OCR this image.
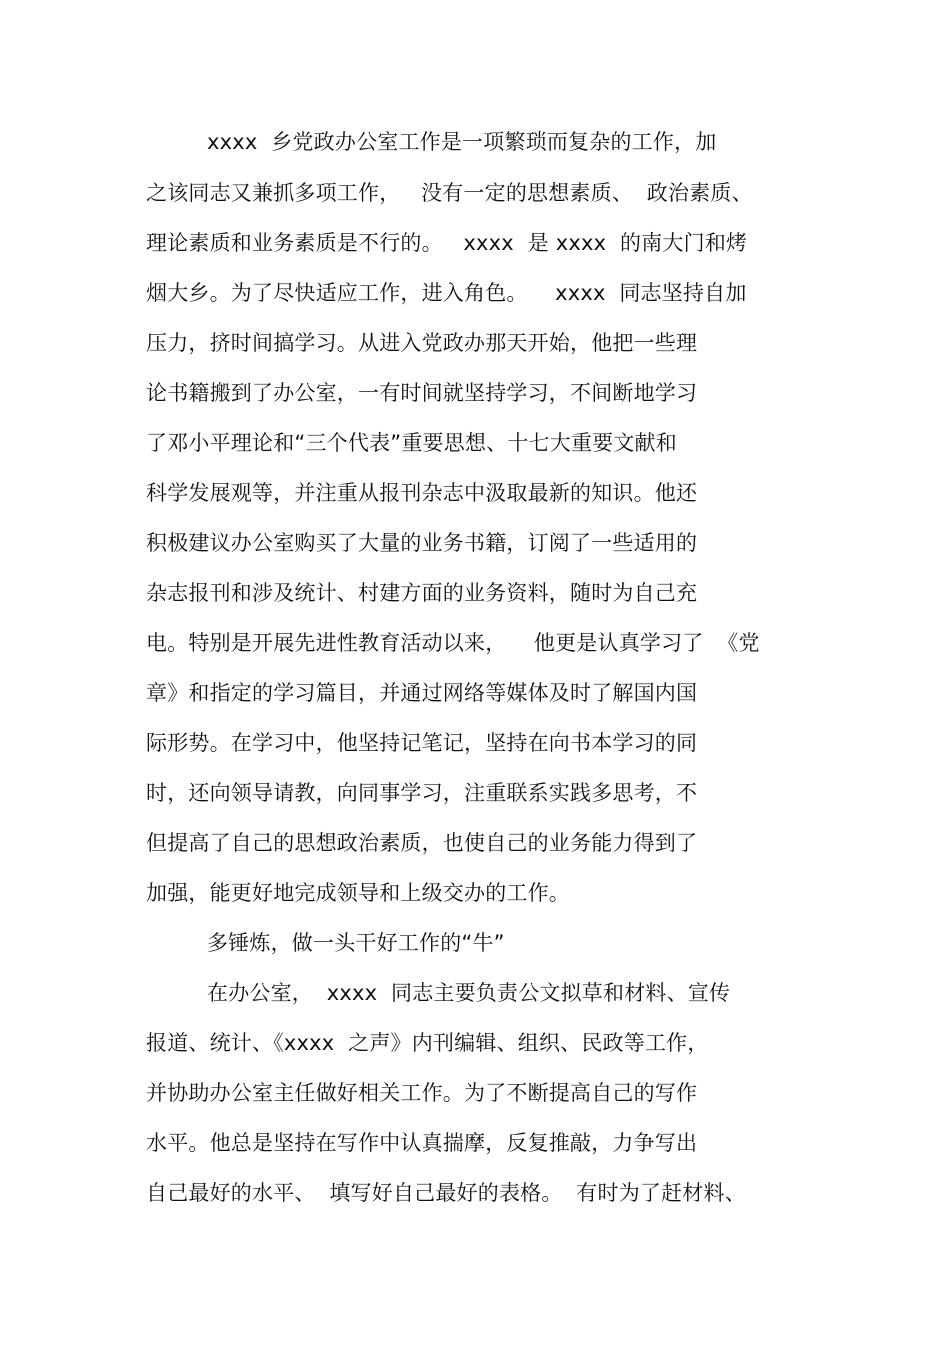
xxxx  乡党政办公室工作是一项繁琐而复杂的工作，加
之该同志又兼抓多项工作，   没有一定的思想素质、  政治素质、
理论素质和业务素质是不行的。   xxxx  是 xxxx  的南大门和烤
烟大乡。为了尽快适应工作，进入角色。    xxxx  同志坚持自加
压力，挤时间搞学习。从进入党政办那天开始，他把一些理
论书籍搬到了办公室，一有时间就坚持学习，不间断地学习
了邓小平理论和“三个代表”重要思想、十七大重要文献和
科学发展观等，并注重从报刊杂志中汲取最新的知识。他还
积极建议办公室购买了大量的业务书籍，订阅了一些适用的
杂志报刊和涉及统计、村建方面的业务资料，随时为自己充
电。特别是开展先进性教育活动以来，    他更是认真学习了  《党
章》和指定的学习篇目，并通过网络等媒体及时了解国内国
际形势。在学习中，他坚持记笔记，坚持在向书本学习的同
时，还向领导请教，向同事学习，注重联系实践多思考，不
但提高了自己的思想政治素质，也使自己的业务能力得到了
加强，能更好地完成领导和上级交办的工作。
多锤炼，做一头干好工作的“牛”
在办公室，  xxxx  同志主要负责公文拟草和材料、宣传
报道、统计、《xxxx  之声》内刊编辑、组织、民政等工作，
并协助办公室主任做好相关工作。为了不断提高自己的写作
水平。他总是坚持在写作中认真揣摩，反复推敲，力争写出
自己最好的水平、  填写好自己最好的表格。  有时为了赶材料、
